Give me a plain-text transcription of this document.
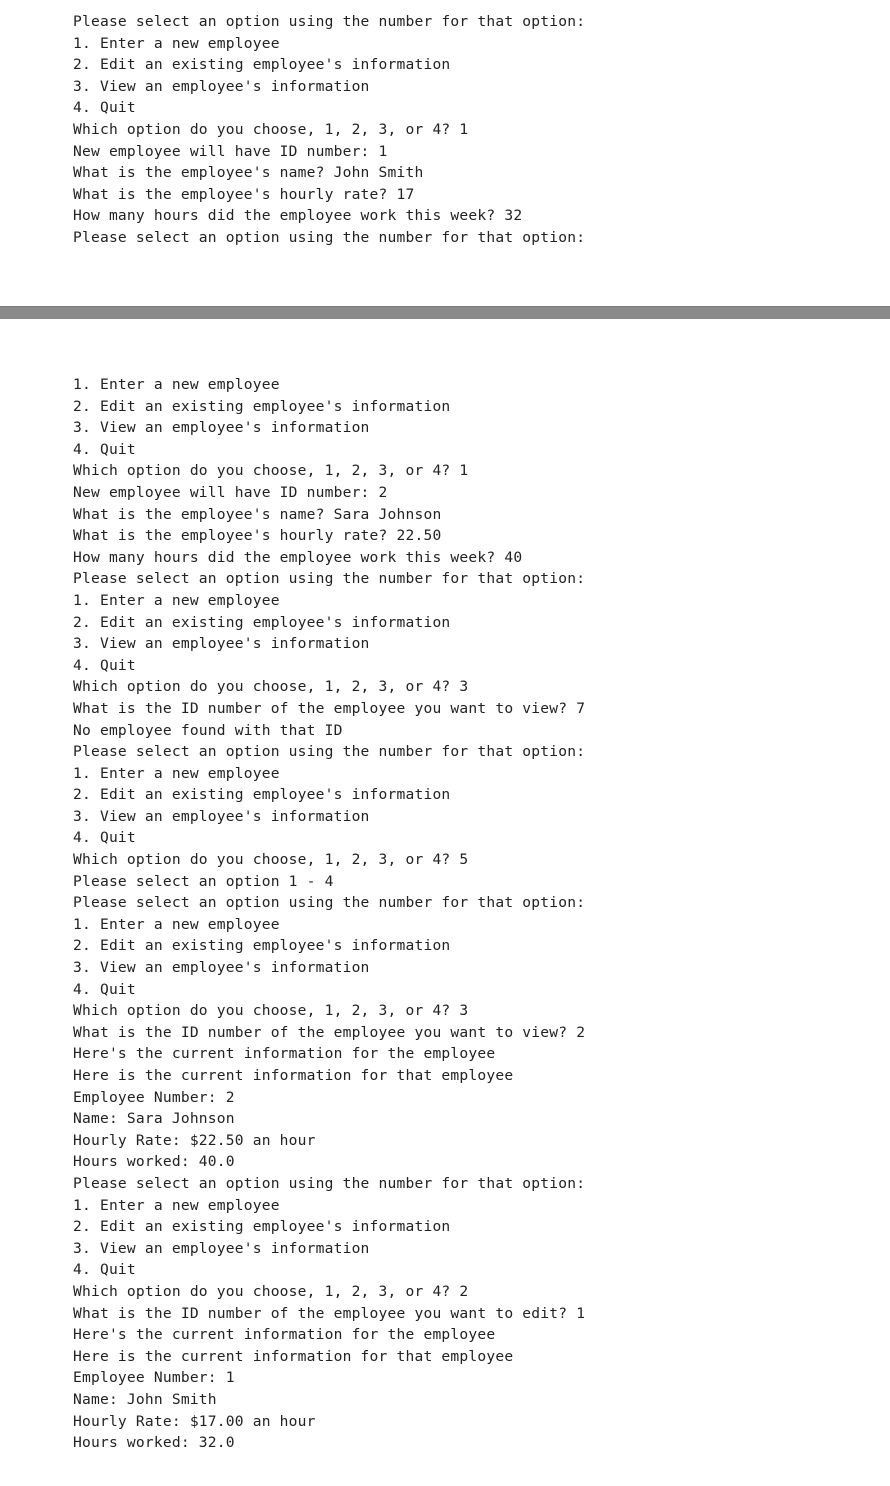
Please select an option using the number for that option:
1. Enter a new employee
2. Edit an existing employee's information
3. View an employee's information
4. Quit
Which option do you choose, 1, 2, 3, or 4? 1
New employee will have ID number: 1
What is the employee's name? John Smith
What is the employee's hourly rate? 17
How many hours did the employee work this week? 32
Please select an option using the number for that option:
1. Enter a new employee
2. Edit an existing employee's information
3. View an employee's information
4. Quit
Which option do you choose, 1, 2, 3, or 4? 1
New employee will have ID number: 2
What is the employee's name? Sara Johnson
What is the employee's hourly rate? 22.50
How many hours did the employee work this week? 40
Please select an option using the number for that option:
1. Enter a new employee
2. Edit an existing employee's information
3. View an employee's information
4. Quit
Which option do you choose, 1, 2, 3, or 4? 3
What is the ID number of the employee you want to view? 7
No employee found with that ID
Please select an option using the number for that option:
1. Enter a new employee
2. Edit an existing employee's information
3. View an employee's information
4. Quit
Which option do you choose, 1, 2, 3, or 4? 5
Please select an option 1 - 4
Please select an option using the number for that option:
1. Enter a new employee
2. Edit an existing employee's information
3. View an employee's information
4. Quit
Which option do you choose, 1, 2, 3, or 4? 3
What is the ID number of the employee you want to view? 2
Here's the current information for the employee
Here is the current information for that employee
Employee Number: 2
Name: Sara Johnson
Hourly Rate: $22.50 an hour
Hours worked: 40.0
Please select an option using the number for that option:
1. Enter a new employee
2. Edit an existing employee's information
3. View an employee's information
4. Quit
Which option do you choose, 1, 2, 3, or 4? 2
What is the ID number of the employee you want to edit? 1
Here's the current information for the employee
Here is the current information for that employee
Employee Number: 1
Name: John Smith
Hourly Rate: $17.00 an hour
Hours worked: 32.0
